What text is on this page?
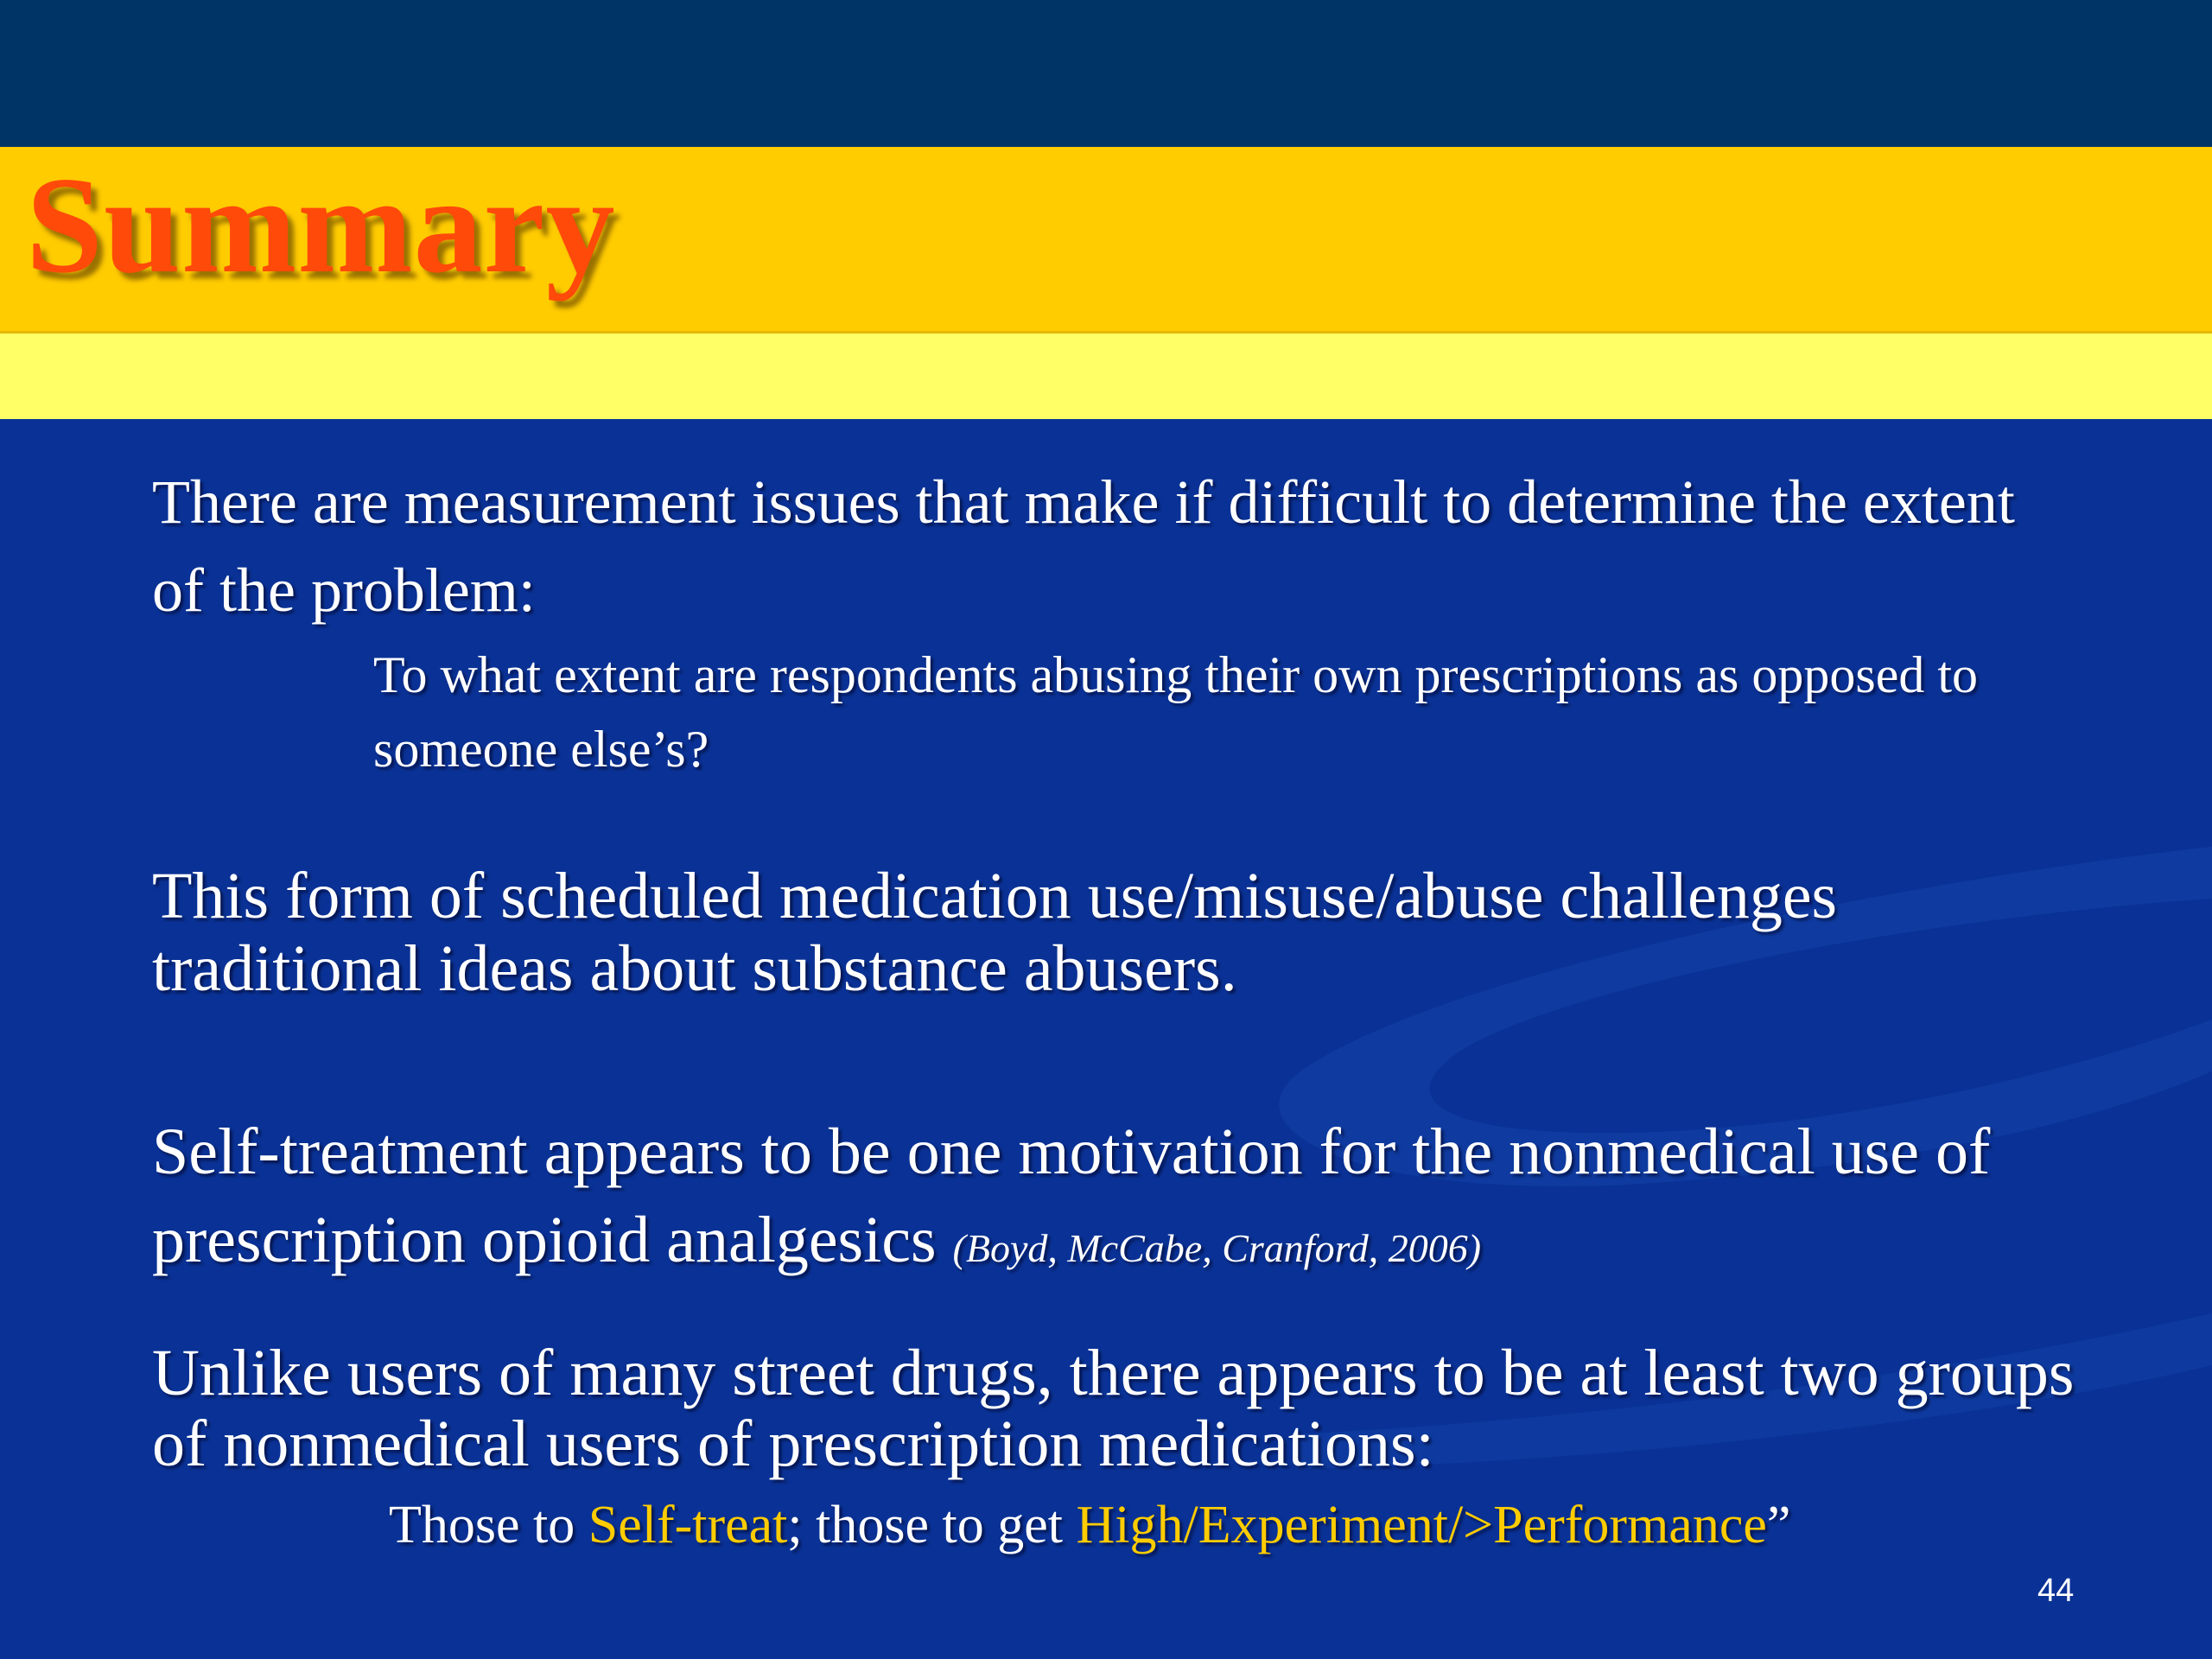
Summary

There are measurement issues that make if difficult to determine the extent of the problem:

To what extent are respondents abusing their own prescriptions as opposed to someone else’s?

This form of scheduled medication use/misuse/abuse challenges traditional ideas about substance abusers.

Self-treatment appears to be one motivation for the nonmedical use of prescription opioid analgesics (Boyd, McCabe, Cranford, 2006)

Unlike users of many street drugs, there appears to be at least two groups of nonmedical users of prescription medications:

Those to Self-treat; those to get High/Experiment/>Performance”

44
